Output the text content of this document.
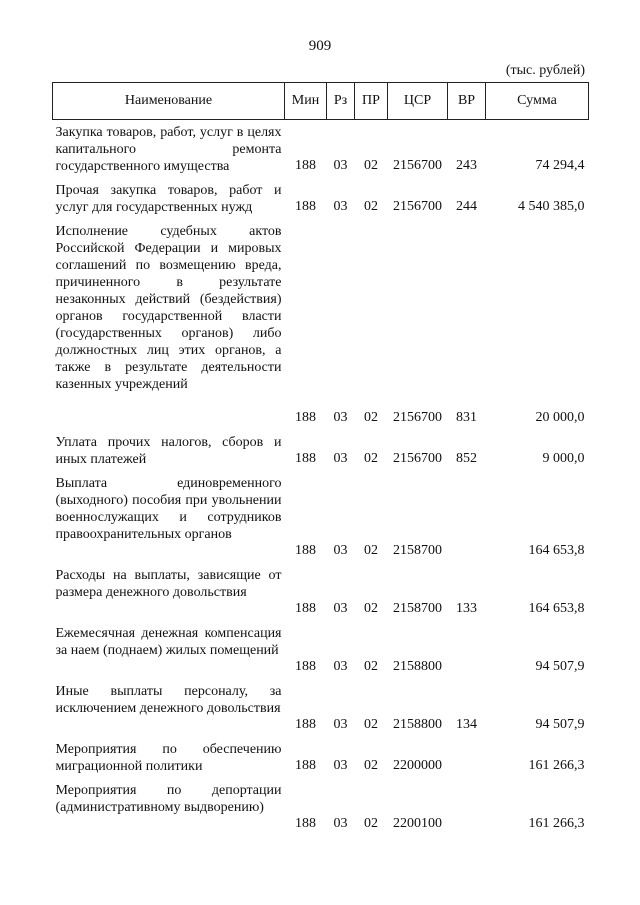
909
(тыс. рублей)
Наименование	Мин	Рз	ПР	ЦСР	ВР	Сумма
Закупка товаров, работ, услуг в целях капитального ремонта государственного имущества	188	03	02	2156700	243	74 294,4
Прочая закупка товаров, работ и услуг для государственных нужд	188	03	02	2156700	244	4 540 385,0
Исполнение судебных актов Российской Федерации и мировых соглашений по возмещению вреда, причиненного в результате незаконных действий (бездействия) органов государственной власти (государственных органов) либо должностных лиц этих органов, а также в результате деятельности казенных учреждений	188	03	02	2156700	831	20 000,0
Уплата прочих налогов, сборов и иных платежей	188	03	02	2156700	852	9 000,0
Выплата единовременного (выходного) пособия при увольнении военнослужащих и сотрудников правоохранительных органов	188	03	02	2158700		164 653,8
Расходы на выплаты, зависящие от размера денежного довольствия	188	03	02	2158700	133	164 653,8
Ежемесячная денежная компенсация за наем (поднаем) жилых помещений	188	03	02	2158800		94 507,9
Иные выплаты персоналу, за исключением денежного довольствия	188	03	02	2158800	134	94 507,9
Мероприятия по обеспечению миграционной политики	188	03	02	2200000		161 266,3
Мероприятия по депортации (административному выдворению)	188	03	02	2200100		161 266,3
